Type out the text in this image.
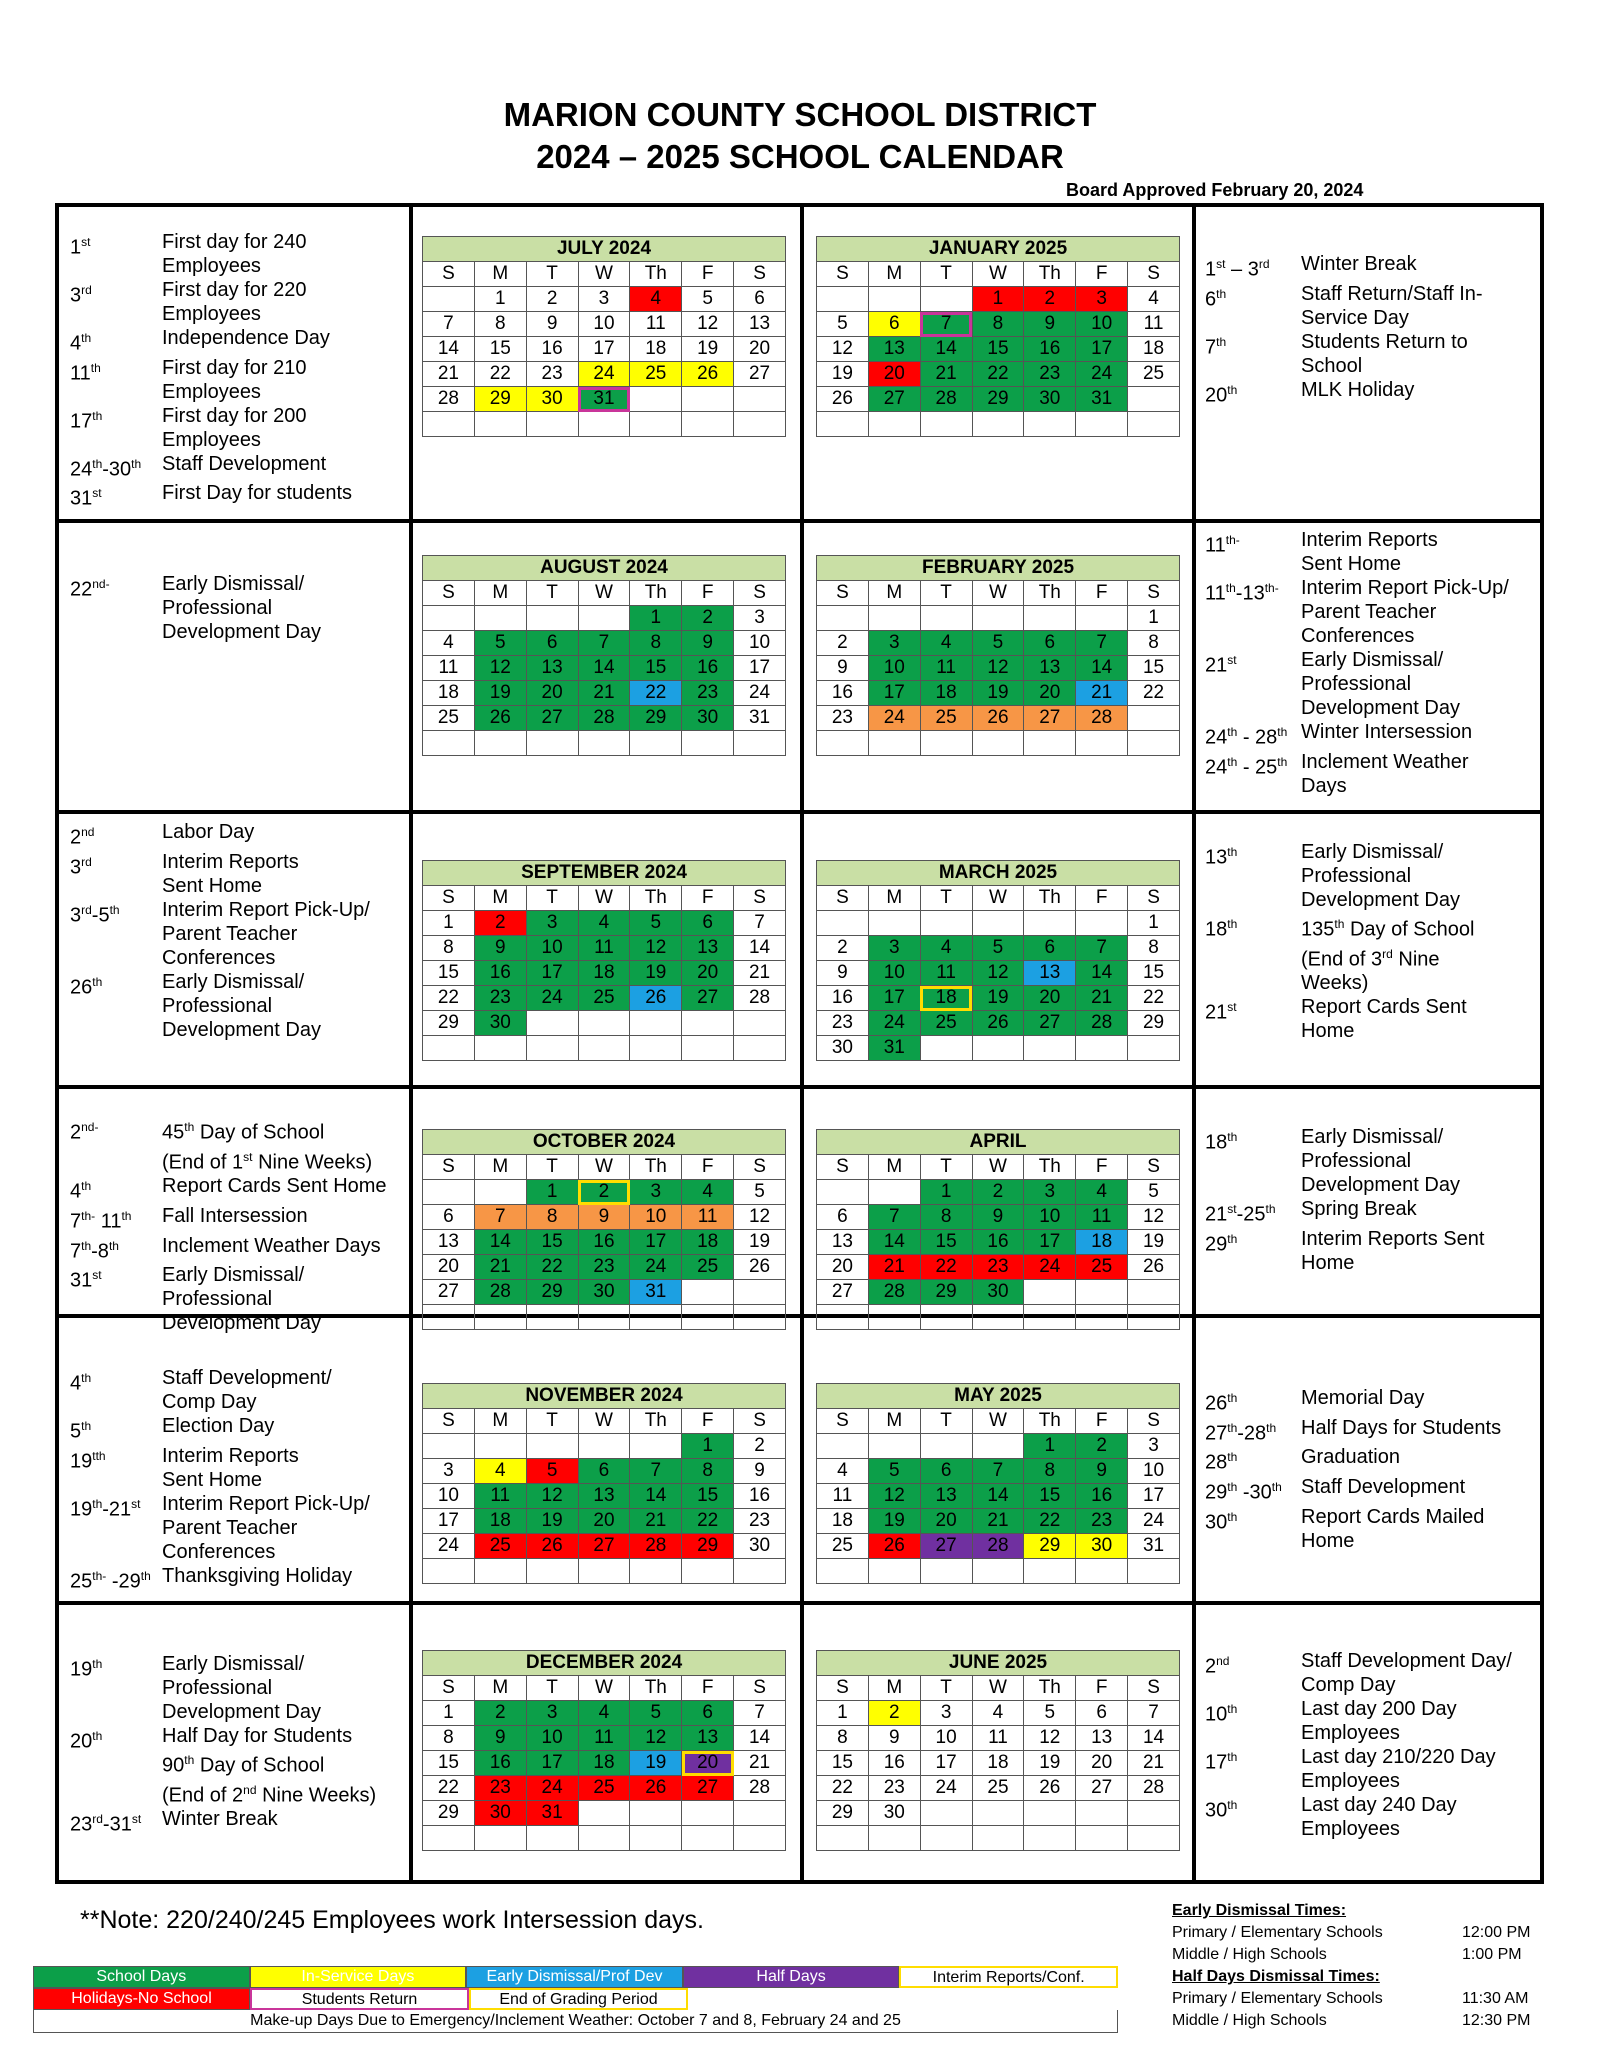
MARION COUNTY SCHOOL DISTRICT
2024 – 2025 SCHOOL CALENDAR
Board Approved February 20, 2024
**Note: 220/240/245 Employees work Intersession days.
School Days	In-Service Days	Early Dismissal/Prof Dev	Half Days	Interim Reports/Conf.
Holidays-No School	Students Return	End of Grading Period
Make-up Days Due to Emergency/Inclement Weather: October 7 and 8, February 24 and 25
Early Dismissal Times:
Primary / Elementary Schools	12:00 PM
Middle / High Schools	1:00 PM
Half Days Dismissal Times:
Primary / Elementary Schools	11:30 AM
Middle / High Schools	12:30 PM
JULY 2024
S	M	T	W	Th	F	S
	1	2	3	4	5	6
7	8	9	10	11	12	13
14	15	16	17	18	19	20
21	22	23	24	25	26	27
28	29	30	31			

AUGUST 2024
S	M	T	W	Th	F	S
				1	2	3
4	5	6	7	8	9	10
11	12	13	14	15	16	17
18	19	20	21	22	23	24
25	26	27	28	29	30	31

SEPTEMBER 2024
S	M	T	W	Th	F	S
1	2	3	4	5	6	7
8	9	10	11	12	13	14
15	16	17	18	19	20	21
22	23	24	25	26	27	28
29	30					

OCTOBER 2024
S	M	T	W	Th	F	S
		1	2	3	4	5
6	7	8	9	10	11	12
13	14	15	16	17	18	19
20	21	22	23	24	25	26
27	28	29	30	31		

NOVEMBER 2024
S	M	T	W	Th	F	S
					1	2
3	4	5	6	7	8	9
10	11	12	13	14	15	16
17	18	19	20	21	22	23
24	25	26	27	28	29	30

DECEMBER 2024
S	M	T	W	Th	F	S
1	2	3	4	5	6	7
8	9	10	11	12	13	14
15	16	17	18	19	20	21
22	23	24	25	26	27	28
29	30	31				

JANUARY 2025
S	M	T	W	Th	F	S
			1	2	3	4
5	6	7	8	9	10	11
12	13	14	15	16	17	18
19	20	21	22	23	24	25
26	27	28	29	30	31	

FEBRUARY 2025
S	M	T	W	Th	F	S
						1
2	3	4	5	6	7	8
9	10	11	12	13	14	15
16	17	18	19	20	21	22
23	24	25	26	27	28	

MARCH 2025
S	M	T	W	Th	F	S
						1
2	3	4	5	6	7	8
9	10	11	12	13	14	15
16	17	18	19	20	21	22
23	24	25	26	27	28	29
30	31					
APRIL
S	M	T	W	Th	F	S
		1	2	3	4	5
6	7	8	9	10	11	12
13	14	15	16	17	18	19
20	21	22	23	24	25	26
27	28	29	30			

MAY 2025
S	M	T	W	Th	F	S
				1	2	3
4	5	6	7	8	9	10
11	12	13	14	15	16	17
18	19	20	21	22	23	24
25	26	27	28	29	30	31

JUNE 2025
S	M	T	W	Th	F	S
1	2	3	4	5	6	7
8	9	10	11	12	13	14
15	16	17	18	19	20	21
22	23	24	25	26	27	28
29	30					

1st	First day for 240
Employees
3rd	First day for 220
Employees
4th	Independence Day
11th	First day for 210
Employees
17th	First day for 200
Employees
24th-30th	Staff Development
31st	First Day for students
$22^{nd-}$	Early Dismissal/
Professional
Development Day
2nd	Labor Day
3rd	Interim Reports
Sent Home
3rd-5th	Interim Report Pick-Up/
Parent Teacher
Conferences
26th	Early Dismissal/
Professional
Development Day
$2^{nd-}$	45th Day of School
(End of 1st Nine Weeks)
4th	Report Cards Sent Home
$7^{th-}$ 11th	Fall Intersession
7th-8th	Inclement Weather Days
31st	Early Dismissal/
Professional
Development Day
4th	Staff Development/
Comp Day
5th	Election Day
$19^{tth}$	Interim Reports
Sent Home
19th-21st	Interim Report Pick-Up/
Parent Teacher
Conferences
$25^{th-}$ -29th Thanksgiving Holiday
19th	Early Dismissal/
Professional
Development Day

20th	Half Day for Students
90th Day of School
(End of 2nd Nine Weeks)

23rd-31st	Winter Break
1st – 3rd	Winter Break
6th	Staff Return/Staff In-
Service Day
7th	Students Return to
School
20th	MLK Holiday
$11^{th-}$	Interim Reports
Sent Home
$11th-13^{th-}$	Interim Report Pick-Up/
Parent Teacher
Conferences
21st	Early Dismissal/
Professional
Development Day
24th - 28th Winter Intersession
24th - 25th Inclement Weather
Days
13th	Early Dismissal/
Professional
Development Day
18th	135th Day of School
(End of 3rd Nine
Weeks)
21st	Report Cards Sent
Home
18th	Early Dismissal/
Professional
Development Day

21st-25th	Spring Break

29th	Interim Reports Sent
Home
26th	Memorial Day
27th-28th	Half Days for Students
28th	Graduation
29th -30th Staff Development
30th	Report Cards Mailed
Home
2nd	Staff Development Day/
Comp Day
10th	Last day 200 Day
Employees
17th	Last day 210/220 Day
Employees
30th	Last day 240 Day
Employees
